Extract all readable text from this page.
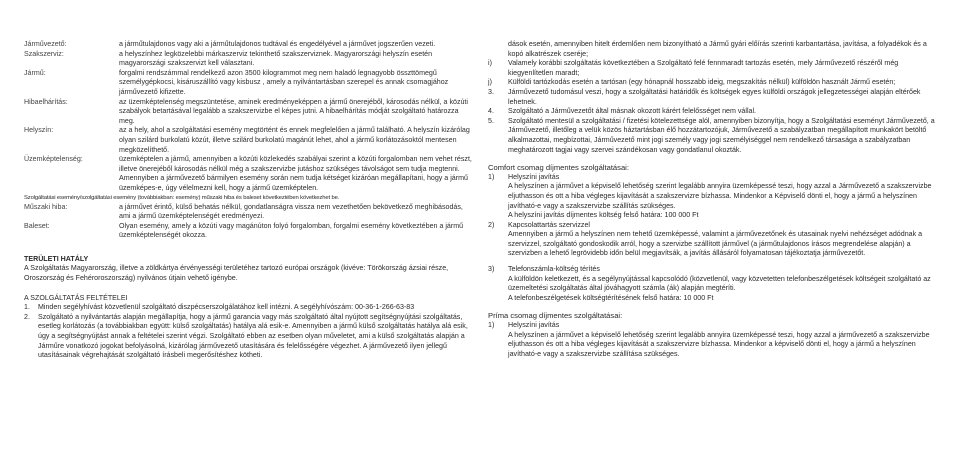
Járművezető:	a járműtulajdonos vagy aki a járműtulajdonos tudtával és engedélyével a járművet jogszerűen vezeti.
Szakszerviz:	a helyszínhez legközelebbi márkaszerviz tekinthető szakszerviznek. Magyarországi helyszín esetén magyarországi szakszervizt kell választani.
Jármű:	forgalmi rendszámmal rendelkező azon 3500 kilogrammot meg nem haladó legnagyobb összttömegű személygépkocsi, kisáruszállító vagy kisbusz , amely a nyilvántartásban szerepel és annak csomagjához járművezető kifizette.
Hibaelhárítás:	az üzemképtelenség megszüntetése, aminek eredményeképpen a jármű önerejéből, károsodás nélkül, a közúti szabályok betartásával legalább a szakszervizbe el képes jutni. A hibaelhárítás módját szolgáltató határozza meg.
Helyszín:	az a hely, ahol a szolgáltatási esemény megtörtént és ennek megfelelően a jármű található. A helyszín kizárólag olyan szilárd burkolatú közút, illetve szilárd burkolatú magánút lehet, ahol a jármű korlátozásoktól mentesen megközelíthető.
Üzemképtelenség:	üzemképtelen a jármű, amennyiben a közúti közlekedés szabályai szerint a közúti forgalomban nem vehet részt, illetve önerejéből károsodás nélkül még a szakszervizbe jutáshoz szükséges távolságot sem tudja megtenni.
Amennyiben a járművezető bármilyen esemény során nem tudja kétséget kizáróan megállapítani, hogy a jármű üzemképes-e, úgy vélelmezni kell, hogy a jármű üzemképtelen.
Szolgáltatási esemény/szolgáltatási esemény (továbbiakban: esemény) műszaki hiba és baleset következtében következhet be.
Műszaki hiba:	a járművet érintő, külső behatás nélkül, gondatlanságra vissza nem vezethetően bekövetkező meghibásodás, ami a jármű üzemképtelenségét eredményezi.
Baleset:	Olyan esemény, amely a közúti vagy magánúton folyó forgalomban, forgalmi esemény következtében a jármű üzemképtelenségét okozza.
TERÜLETI HATÁLY
A Szolgáltatás Magyarország, illetve a zöldkártya érvényességi területéhez tartozó európai országok (kivéve: Törökország ázsiai része, Oroszország és Fehéroroszország) nyilvános útjain vehető igénybe.
A SZOLGÁLTATÁS FELTÉTELEI
1.	Minden segélyhívást közvetlenül szolgáltató diszpécserszolgálatához kell intézni. A segélyhívószám: 00-36-1-266-63-83
2.	Szolgáltató a nyilvántartás alapján megállapítja, hogy a jármű garancia vagy más szolgáltató által nyújtott segítségnyújtási szolgáltatás, esetleg korlátozás (a továbbiakban együtt: külső szolgáltatás) hatálya alá esik-e. Amennyiben a jármű külső szolgáltatás hatálya alá esik, úgy a segítségnyújtást annak a feltételei szerint végzi. Szolgáltató ebben az esetben olyan műveletet, ami a külső szolgáltatás alapján a Járműre vonatkozó jogokat befolyásolná, kizárólag járművezető utasítására és felelősségére végezhet. A járművezető ilyen jellegű utasításainak végrehajtását szolgáltató írásbeli megerősítéshez kötheti.
dások esetén, amennyiben hitelt érdemlően nem bizonyítható a Jármű gyári előírás szerinti karbantartása, javítása, a folyadékok és a kopó alkatrészek cseréje;
i)	Valamely korábbi szolgáltatás következtében a Szolgáltató felé fennmaradt tartozás esetén, mely Járművezető részéről még kiegyenlítetlen maradt;
j)	Külföldi tartózkodás esetén a tartósan (egy hónapnál hosszabb ideig, megszakítás nélkül) külföldön használt Jármű esetén;
3.	Járművezető tudomásul veszi, hogy a szolgáltatási határidők és költségek egyes külföldi országok jellegzetességei alapján eltérőek lehetnek.
4.	Szolgáltató a Járművezetőt által másnak okozott kárért felelősséget nem vállal.
5.	Szolgáltató mentesül a szolgáltatási / fizetési kötelezettsége alól, amennyiben bizonyítja, hogy a Szolgáltatási eseményt Járművezető, a Járművezető, illetőleg a velük közös háztartásban élő hozzátartozójuk, Járművezető a szabályzatban megállapított munkakört betöltő alkalmazottai, megbízottai, Járművezető mint jogi személy vagy jogi személyiséggel nem rendelkező társasága a szabályzatban meghatározott tagjai vagy szervei szándékosan vagy gondatlanul okozták.
Comfort csomag díjmentes szolgáltatásai:
1)	Helyszíni javítás
A helyszínen a járművet a képviselő lehetőség szerint legalább annyira üzemképessé teszi, hogy azzal a Járművezető a szakszervizbe eljuthasson és ott a hiba végleges kijavítását a szakszervizre bízhassa. Mindenkor a Képviselő dönti el, hogy a jármű a helyszínen javítható-e vagy a szakszervizbe szállítás szükséges.
A helyszíni javítás díjmentes költség felső határa: 100 000 Ft
2)	Kapcsolattartás szervizzel
Amennyiben a jármű a helyszínen nem tehető üzemképessé, valamint a járművezetőnek és utasainak nyelvi nehézséget adódnak a szervizzel, szolgáltató gondoskodik arról, hogy a szervizbe szállított járművel (a járműtulajdonos írásos megrendelése alapján) a szervizben a lehető legrövidebb időn belül megjavítsák, a javítás állásáról folyamatosan tájékoztatja járművezetőt.
3)	Telefonszámla-költség térítés
A külföldön keletkezett, és a segélynyújtással kapcsolódó (közvetlenül, vagy közvetetten telefonbeszélgetések költségeit szolgáltató az üzemeltetési szolgáltatás által jóváhagyott számla (ák) alapján megtéríti.
A telefonbeszélgetések költségtérítésének felső határa: 10 000 Ft
Príma csomag díjmentes szolgáltatásai:
1)	Helyszíni javítás
A helyszínen a járművet a képviselő lehetőség szerint legalább annyira üzemképessé teszi, hogy azzal a járművezető a szakszervizbe eljuthasson és ott a hiba végleges kijavítását a szakszervizre bízhassa. Mindenkor a képviselő dönti el, hogy a jármű a helyszínen javítható-e vagy a szakszervizbe szállítása szükséges.
